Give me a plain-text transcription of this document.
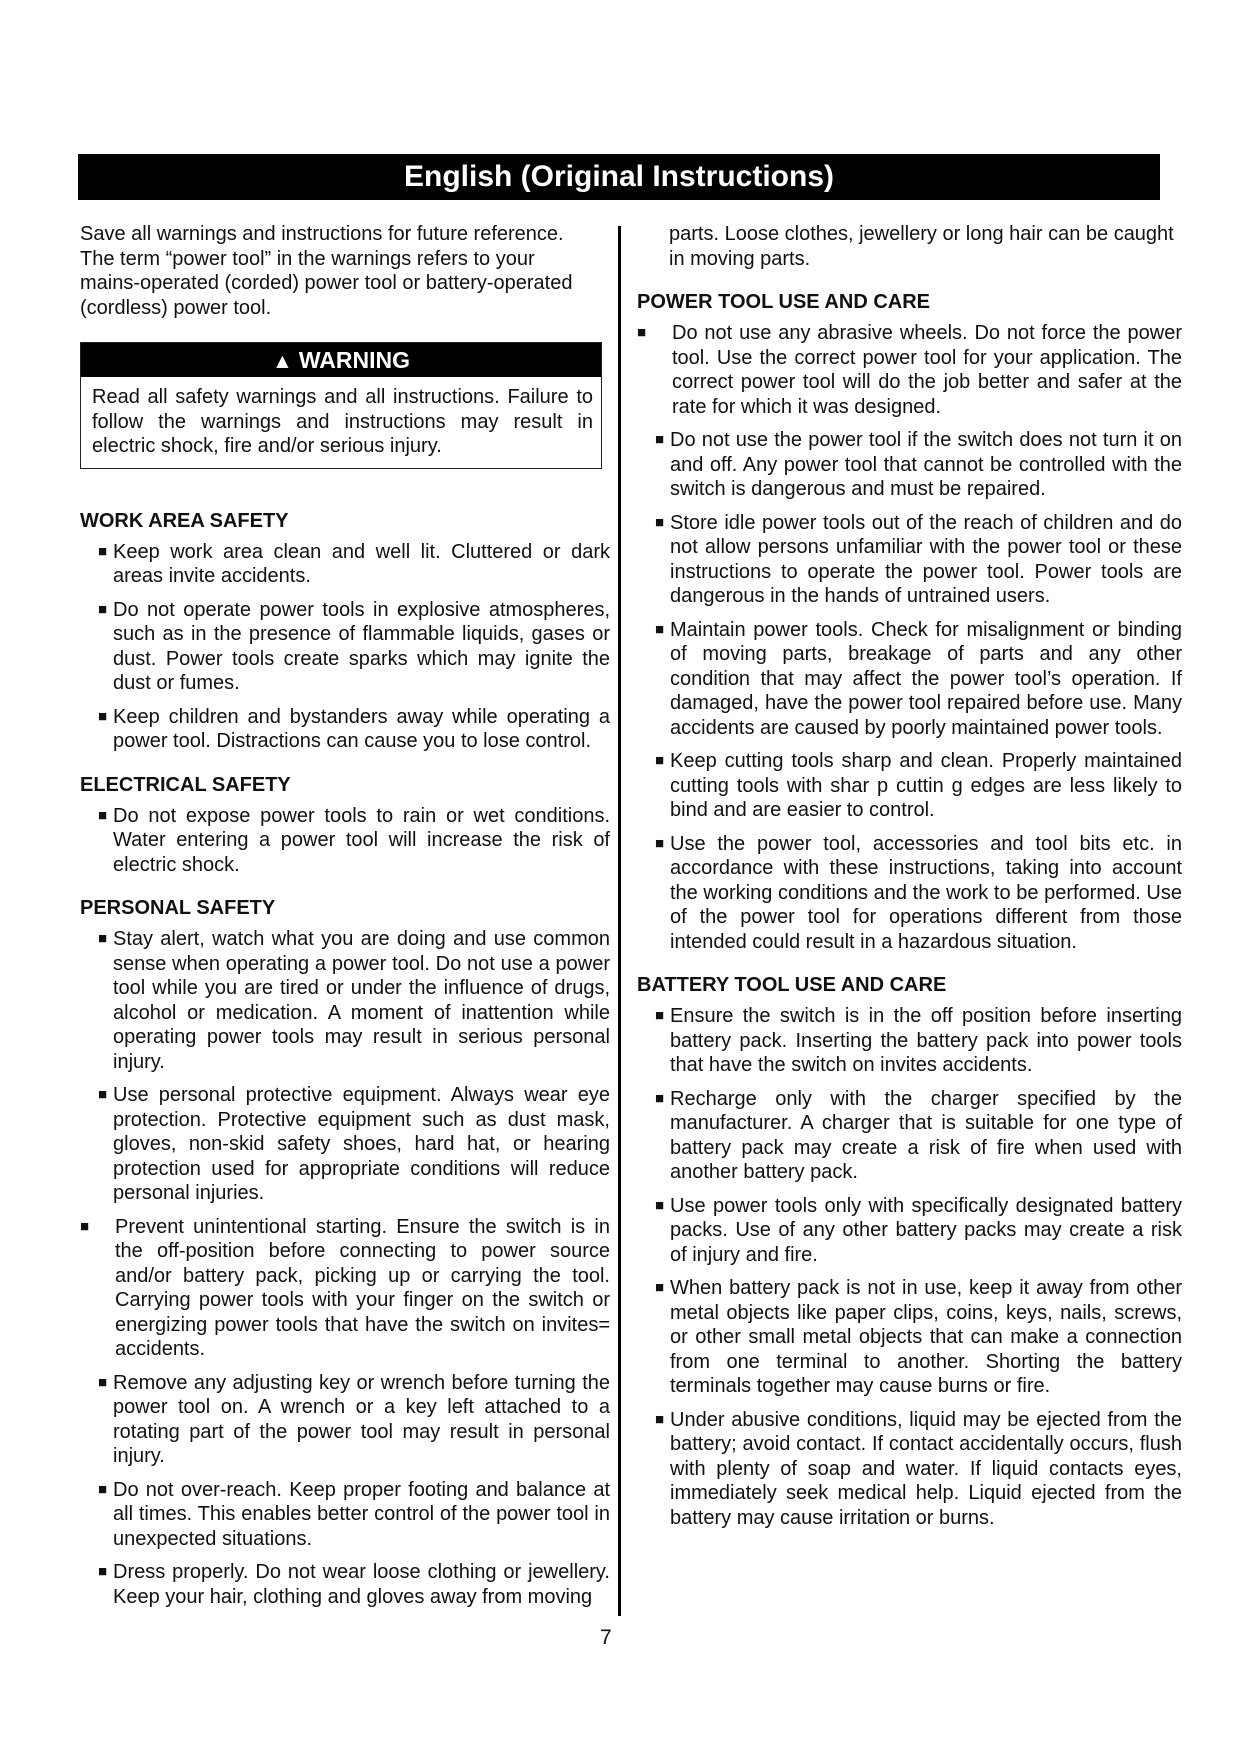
English (Original Instructions)

Save all warnings and instructions for future reference.

The term “power tool” in the warnings refers to your

mains-operated (corded) power tool or battery-operated

(cordless) power tool.

▲ WARNING
Read all safety warnings and all instructions. Failure to follow the warnings and instructions may result in electric shock, fire and/or serious injury.
WORK AREA SAFETY
■ Keep work area clean and well lit. Cluttered or dark areas invite accidents.
■ Do not operate power tools in explosive atmospheres, such as in the presence of flammable liquids, gases or dust. Power tools create sparks which may ignite the dust or fumes.
■ Keep children and bystanders away while operating a power tool. Distractions can cause you to lose control.
ELECTRICAL SAFETY
■ Do not expose power tools to rain or wet conditions. Water entering a power tool will increase the risk of electric shock.
PERSONAL SAFETY
■ Stay alert, watch what you are doing and use common sense when operating a power tool. Do not use a power tool while you are tired or under the influence of drugs, alcohol or medication. A moment of inattention while operating power tools may result in serious personal injury.
■ Use personal protective equipment. Always wear eye protection. Protective equipment such as dust mask, gloves, non-skid safety shoes, hard hat, or hearing protection used for appropriate conditions will reduce personal injuries.
■	Prevent unintentional starting. Ensure the switch is in the off-position before connecting to power source and/or battery pack, picking up or carrying the tool. Carrying power tools with your finger on the switch or energizing power tools that have the switch on invites= accidents.
■ Remove any adjusting key or wrench before turning the power tool on. A wrench or a key left attached to a rotating part of the power tool may result in personal injury.
■ Do not over-reach. Keep proper footing and balance at all times. This enables better control of the power tool in unexpected situations.
■ Dress properly. Do not wear loose clothing or jewellery. Keep your hair, clothing and gloves away from moving

parts. Loose clothes, jewellery or long hair can be caught in moving parts.

POWER TOOL USE AND CARE
■	Do not use any abrasive wheels. Do not force the power tool. Use the correct power tool for your application. The correct power tool will do the job better and safer at the rate for which it was designed.
■ Do not use the power tool if the switch does not turn it on and off. Any power tool that cannot be controlled with the switch is dangerous and must be repaired.
■ Store idle power tools out of the reach of children and do not allow persons unfamiliar with the power tool or these instructions to operate the power tool. Power tools are dangerous in the hands of untrained users.
■ Maintain power tools. Check for misalignment or binding of moving parts, breakage of parts and any other condition that may affect the power tool’s operation. If damaged, have the power tool repaired before use. Many accidents are caused by poorly maintained power tools.
■ Keep cutting tools sharp and clean. Properly maintained cutting tools with shar p cuttin g edges are less likely to bind and are easier to control.
■ Use the power tool, accessories and tool bits etc. in accordance with these instructions, taking into account the working conditions and the work to be performed. Use of the power tool for operations different from those intended could result in a hazardous situation.
BATTERY TOOL USE AND CARE
■ Ensure the switch is in the off position before inserting battery pack. Inserting the battery pack into power tools that have the switch on invites accidents.
■ Recharge only with the charger specified by the manufacturer. A charger that is suitable for one type of battery pack may create a risk of fire when used with another battery pack.
■ Use power tools only with specifically designated battery packs. Use of any other battery packs may create a risk of injury and fire.
■ When battery pack is not in use, keep it away from other metal objects like paper clips, coins, keys, nails, screws, or other small metal objects that can make a connection from one terminal to another. Shorting the battery terminals together may cause burns or fire.
■ Under abusive conditions, liquid may be ejected from the battery; avoid contact. If contact accidentally occurs, flush with plenty of soap and water. If liquid contacts eyes, immediately seek medical help. Liquid ejected from the battery may cause irritation or burns.
7
